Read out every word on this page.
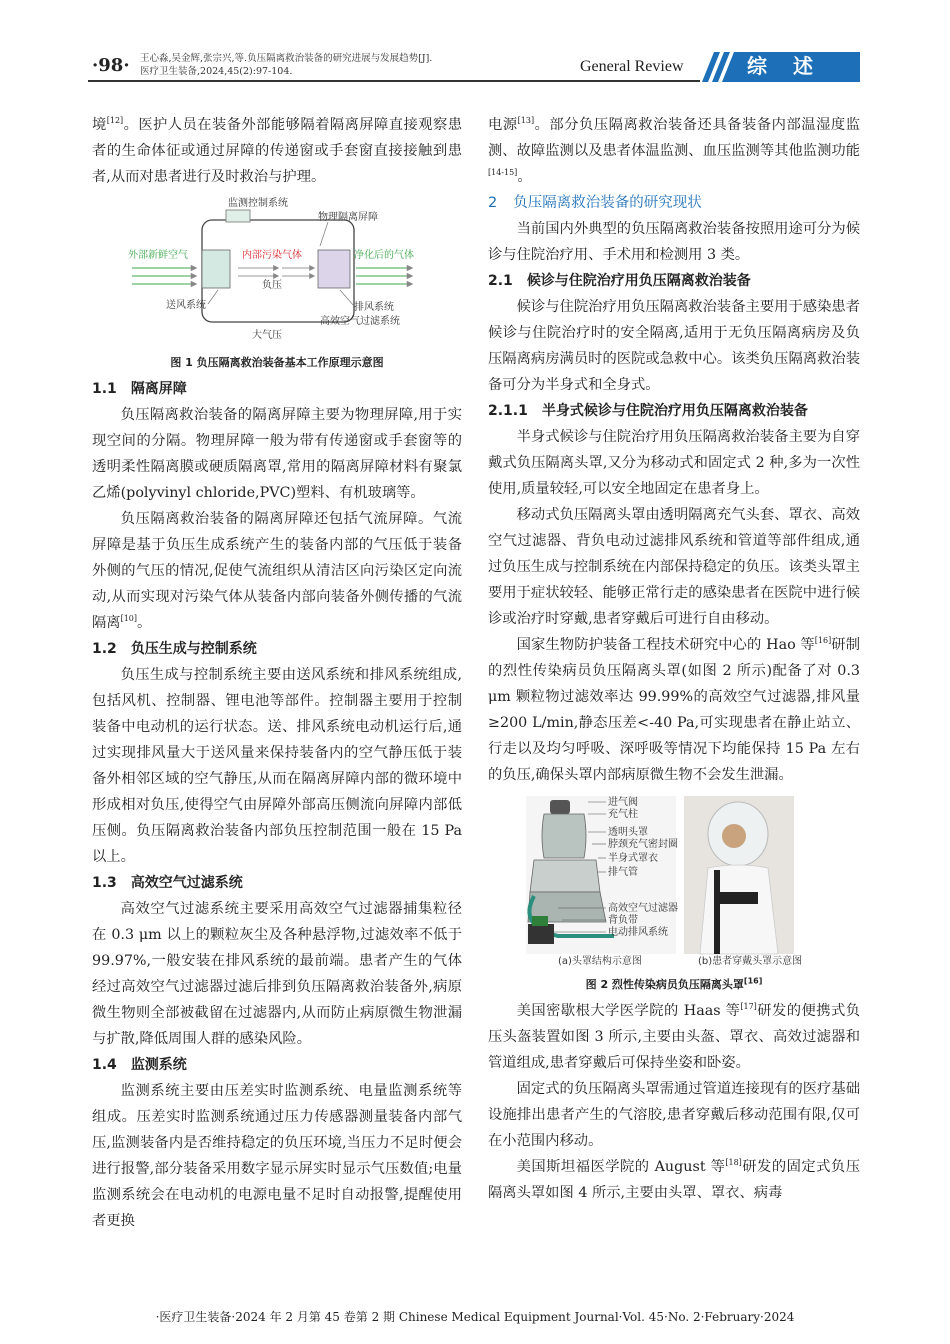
·98· 王心淼,吴金辉,张宗兴,等.负压隔离救治装备的研究进展与发展趋势[J].
医疗卫生装备,2024,45(2):97-104.	General Review	综述

境[12]。医护人员在装备外部能够隔着隔离屏障直接观察患者的生命体征或通过屏障的传递窗或手套窗直接接触到患者,从而对患者进行及时救治与护理。

监测控制系统
物理隔离屏障
外部新鲜空气	内部污染气体	净化后的气体
负压
送风系统	排风系统
高效空气过滤系统
大气压
图 1 负压隔离救治装备基本工作原理示意图
1.1 隔离屏障

负压隔离救治装备的隔离屏障主要为物理屏障,用于实现空间的分隔。物理屏障一般为带有传递窗或手套窗等的透明柔性隔离膜或硬质隔离罩,常用的隔离屏障材料有聚氯乙烯(polyvinyl chloride,PVC)塑料、有机玻璃等。

负压隔离救治装备的隔离屏障还包括气流屏障。气流屏障是基于负压生成系统产生的装备内部的气压低于装备外侧的气压的情况,促使气流组织从清洁区向污染区定向流动,从而实现对污染气体从装备内部向装备外侧传播的气流隔离[10]。

1.2 负压生成与控制系统

负压生成与控制系统主要由送风系统和排风系统组成,包括风机、控制器、锂电池等部件。控制器主要用于控制装备中电动机的运行状态。送、排风系统电动机运行后,通过实现排风量大于送风量来保持装备内的空气静压低于装备外相邻区域的空气静压,从而在隔离屏障内部的微环境中形成相对负压,使得空气由屏障外部高压侧流向屏障内部低压侧。负压隔离救治装备内部负压控制范围一般在 15 Pa 以上。

1.3 高效空气过滤系统

高效空气过滤系统主要采用高效空气过滤器捕集粒径在 0.3 μm 以上的颗粒灰尘及各种悬浮物,过滤效率不低于 99.97%,一般安装在排风系统的最前端。患者产生的气体经过高效空气过滤器过滤后排到负压隔离救治装备外,病原微生物则全部被截留在过滤器内,从而防止病原微生物泄漏与扩散,降低周围人群的感染风险。

1.4 监测系统

监测系统主要由压差实时监测系统、电量监测系统等组成。压差实时监测系统通过压力传感器测量装备内部气压,监测装备内是否维持稳定的负压环境,当压力不足时便会进行报警,部分装备采用数字显示屏实时显示气压数值;电量监测系统会在电动机的电源电量不足时自动报警,提醒使用者更换

电源[13]。部分负压隔离救治装备还具备装备内部温湿度监测、故障监测以及患者体温监测、血压监测等其他监测功能[14-15]。

2 负压隔离救治装备的研究现状

当前国内外典型的负压隔离救治装备按照用途可分为候诊与住院治疗用、手术用和检测用 3 类。

2.1 候诊与住院治疗用负压隔离救治装备

候诊与住院治疗用负压隔离救治装备主要用于感染患者候诊与住院治疗时的安全隔离,适用于无负压隔离病房及负压隔离病房满员时的医院或急救中心。该类负压隔离救治装备可分为半身式和全身式。

2.1.1 半身式候诊与住院治疗用负压隔离救治装备

半身式候诊与住院治疗用负压隔离救治装备主要为自穿戴式负压隔离头罩,又分为移动式和固定式 2 种,多为一次性使用,质量较轻,可以安全地固定在患者身上。

移动式负压隔离头罩由透明隔离充气头套、罩衣、高效空气过滤器、背负电动过滤排风系统和管道等部件组成,通过负压生成与控制系统在内部保持稳定的负压。该类头罩主要用于症状较轻、能够正常行走的感染患者在医院中进行候诊或治疗时穿戴,患者穿戴后可进行自由移动。

国家生物防护装备工程技术研究中心的 Hao 等[16]研制的烈性传染病员负压隔离头罩(如图 2 所示)配备了对 0.3 μm 颗粒物过滤效率达 99.99%的高效空气过滤器,排风量≥200 L/min,静态压差<-40 Pa,可实现患者在静止站立、行走以及均匀呼吸、深呼吸等情况下均能保持 15 Pa 左右的负压,确保头罩内部病原微生物不会发生泄漏。

进气阀
充气柱
透明头罩
脖颈充气密封圈
半身式罩衣
排气管
高效空气过滤器
背负带
电动排风系统
(a)头罩结构示意图	(b)患者穿戴头罩示意图
图 2 烈性传染病员负压隔离头罩[16]

美国密歇根大学医学院的 Haas 等[17]研发的便携式负压头盔装置如图 3 所示,主要由头盔、罩衣、高效过滤器和管道组成,患者穿戴后可保持坐姿和卧姿。

固定式的负压隔离头罩需通过管道连接现有的医疗基础设施排出患者产生的气溶胶,患者穿戴后移动范围有限,仅可在小范围内移动。

美国斯坦福医学院的 August 等[18]研发的固定式负压隔离头罩如图 4 所示,主要由头罩、罩衣、病毒

·医疗卫生装备·2024 年 2 月第 45 卷第 2 期 Chinese Medical Equipment Journal·Vol. 45·No. 2·February·2024
